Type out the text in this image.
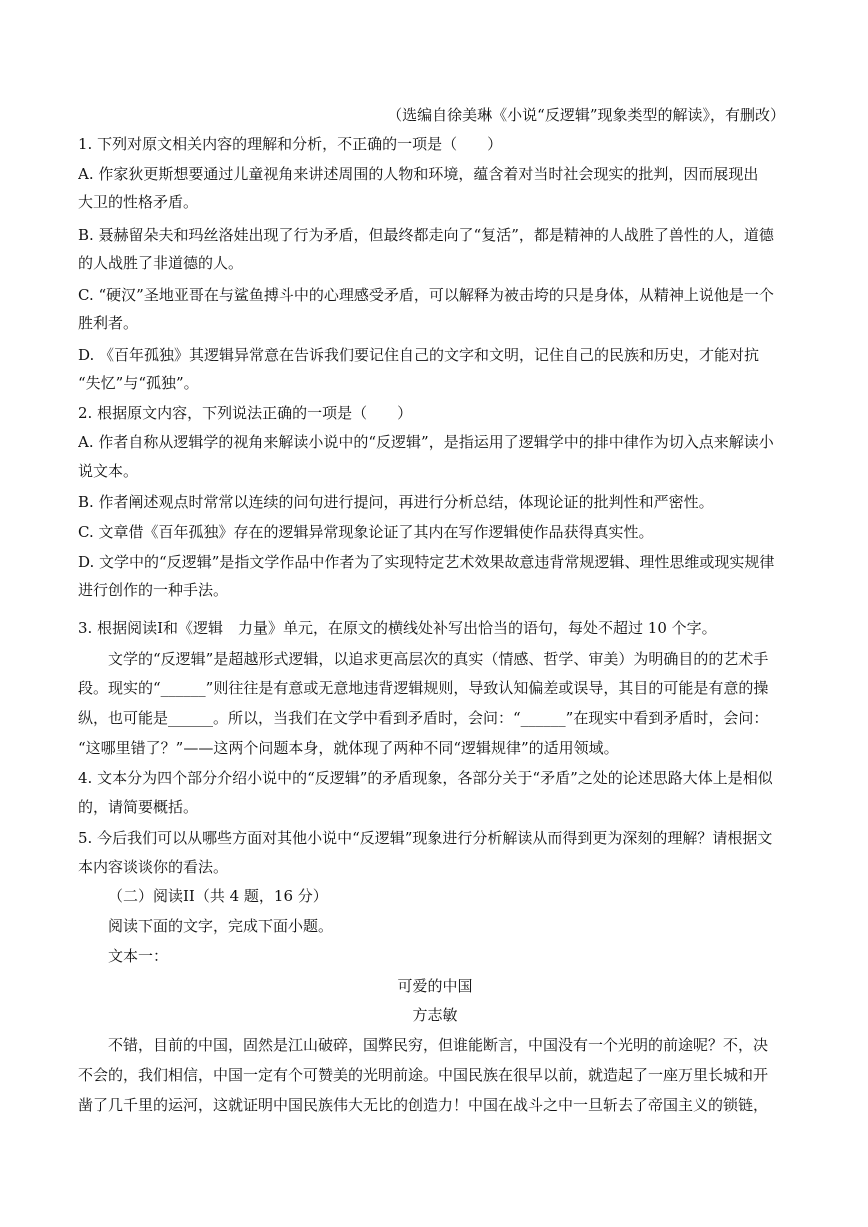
（选编自徐美琳《小说“反逻辑”现象类型的解读》，有删改）
1. 下列对原文相关内容的理解和分析，不正确的一项是（　　）
A. 作家狄更斯想要通过儿童视角来讲述周围的人物和环境，蕴含着对当时社会现实的批判，因而展现出
大卫的性格矛盾。
B. 聂赫留朵夫和玛丝洛娃出现了行为矛盾，但最终都走向了“复活”，都是精神的人战胜了兽性的人，道德
的人战胜了非道德的人。
C. “硬汉”圣地亚哥在与鲨鱼搏斗中的心理感受矛盾，可以解释为被击垮的只是身体，从精神上说他是一个
胜利者。
D. 《百年孤独》其逻辑异常意在告诉我们要记住自己的文字和文明，记住自己的民族和历史，才能对抗
“失忆”与“孤独”。
2. 根据原文内容，下列说法正确的一项是（　　）
A. 作者自称从逻辑学的视角来解读小说中的“反逻辑”，是指运用了逻辑学中的排中律作为切入点来解读小
说文本。
B. 作者阐述观点时常常以连续的问句进行提问，再进行分析总结，体现论证的批判性和严密性。
C. 文章借《百年孤独》存在的逻辑异常现象论证了其内在写作逻辑使作品获得真实性。
D. 文学中的“反逻辑”是指文学作品中作者为了实现特定艺术效果故意违背常规逻辑、理性思维或现实规律
进行创作的一种手法。
3. 根据阅读I和《逻辑　力量》单元，在原文的横线处补写出恰当的语句，每处不超过 10 个字。
文学的“反逻辑”是超越形式逻辑，以追求更高层次的真实（情感、哲学、审美）为明确目的的艺术手
段。现实的“______”则往往是有意或无意地违背逻辑规则，导致认知偏差或误导，其目的可能是有意的操
纵，也可能是______。所以，当我们在文学中看到矛盾时，会问：“______”在现实中看到矛盾时，会问：
“这哪里错了？”——这两个问题本身，就体现了两种不同“逻辑规律”的适用领域。
4. 文本分为四个部分介绍小说中的“反逻辑”的矛盾现象，各部分关于“矛盾”之处的论述思路大体上是相似
的，请简要概括。
5. 今后我们可以从哪些方面对其他小说中“反逻辑”现象进行分析解读从而得到更为深刻的理解？请根据文
本内容谈谈你的看法。
（二）阅读II（共 4 题，16 分）
阅读下面的文字，完成下面小题。
文本一：
可爱的中国
方志敏
不错，目前的中国，固然是江山破碎，国弊民穷，但谁能断言，中国没有一个光明的前途呢？不，决
不会的，我们相信，中国一定有个可赞美的光明前途。中国民族在很早以前，就造起了一座万里长城和开
凿了几千里的运河，这就证明中国民族伟大无比的创造力！中国在战斗之中一旦斩去了帝国主义的锁链，
